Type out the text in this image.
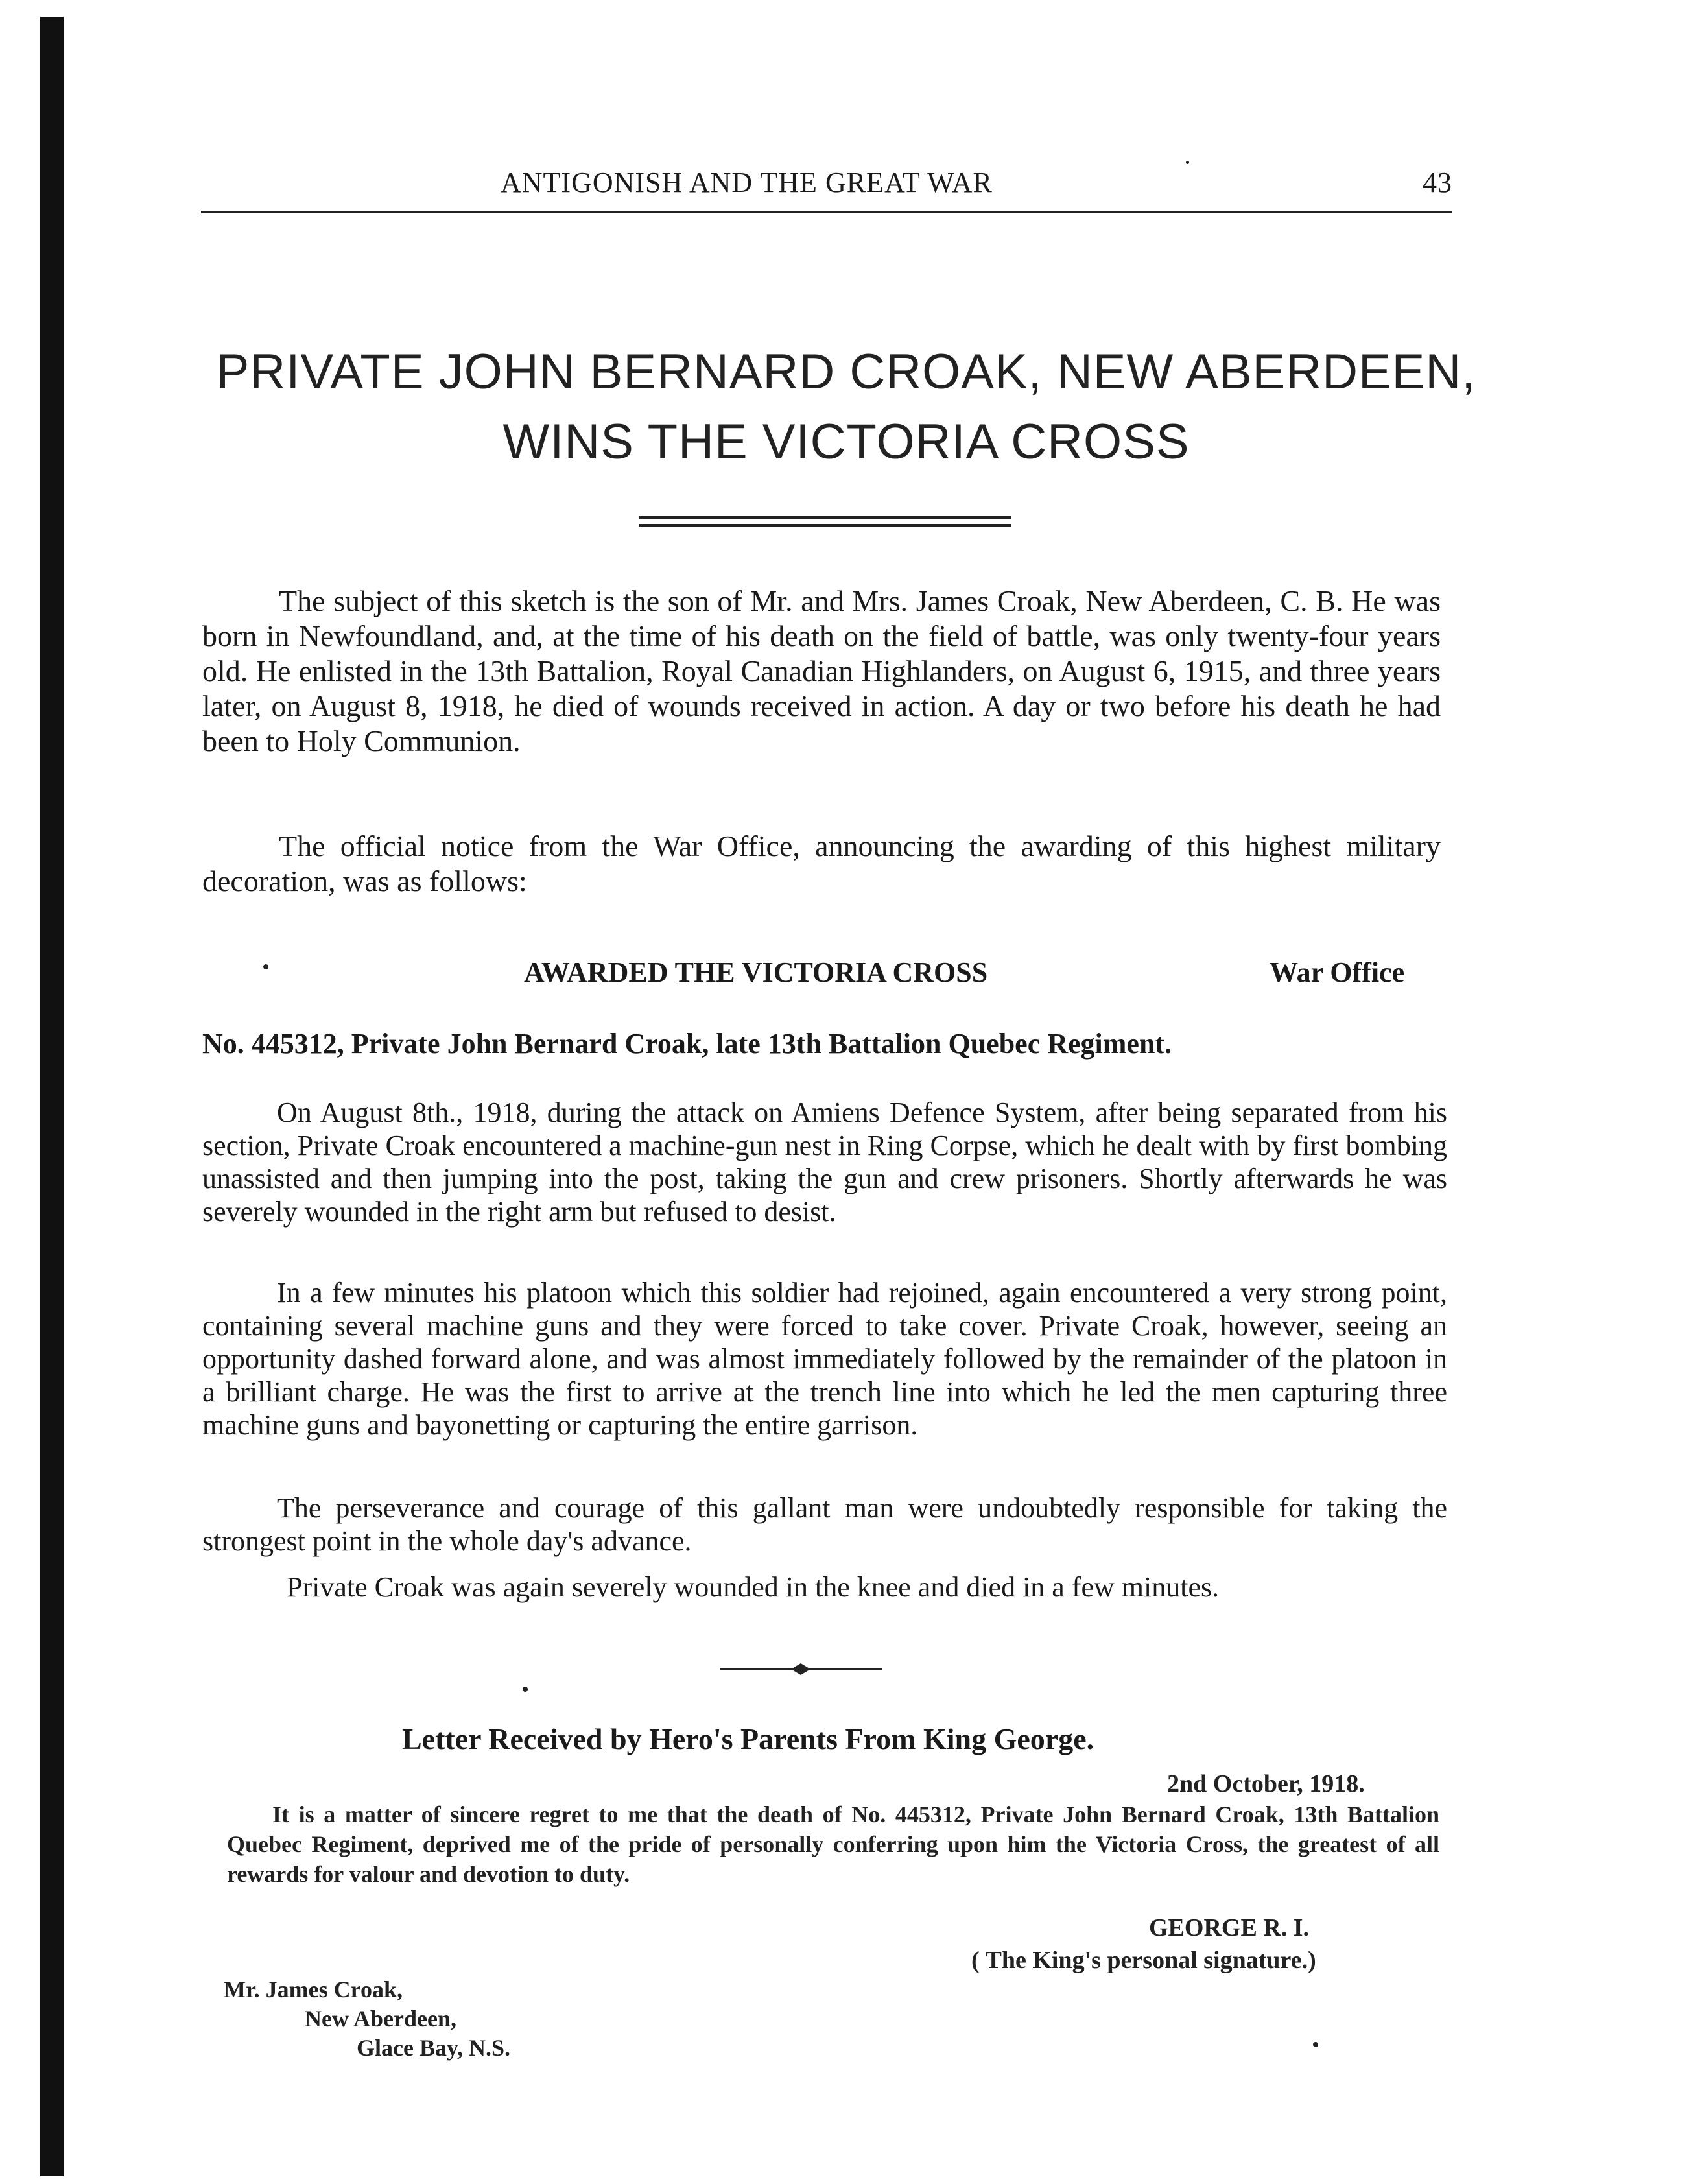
ANTIGONISH AND THE GREAT WAR	43
PRIVATE JOHN BERNARD CROAK, NEW ABERDEEN,
WINS THE VICTORIA CROSS
The subject of this sketch is the son of Mr. and Mrs. James Croak, New Aberdeen, C. B. He was born in Newfoundland, and, at the time of his death on the field of battle, was only twenty-four years old. He enlisted in the 13th Battalion, Royal Canadian Highlanders, on August 6, 1915, and three years later, on August 8, 1918, he died of wounds received in action. A day or two before his death he had been to Holy Communion.
The official notice from the War Office, announcing the awarding of this highest military decoration, was as follows:
AWARDED THE VICTORIA CROSS	War Office
No. 445312, Private John Bernard Croak, late 13th Battalion Quebec Regiment.
On August 8th., 1918, during the attack on Amiens Defence System, after being separated from his section, Private Croak encountered a machine-gun nest in Ring Corpse, which he dealt with by first bombing unassisted and then jumping into the post, taking the gun and crew prisoners. Shortly afterwards he was severely wounded in the right arm but refused to desist.
In a few minutes his platoon which this soldier had rejoined, again encountered a very strong point, containing several machine guns and they were forced to take cover. Private Croak, however, seeing an opportunity dashed forward alone, and was almost immediately followed by the remainder of the platoon in a brilliant charge. He was the first to arrive at the trench line into which he led the men capturing three machine guns and bayonetting or capturing the entire garrison.
The perseverance and courage of this gallant man were undoubtedly responsible for taking the strongest point in the whole day's advance.
Private Croak was again severely wounded in the knee and died in a few minutes.
Letter Received by Hero's Parents From King George.
2nd October, 1918.
It is a matter of sincere regret to me that the death of No. 445312, Private John Bernard Croak, 13th Battalion Quebec Regiment, deprived me of the pride of personally conferring upon him the Victoria Cross, the greatest of all rewards for valour and devotion to duty.
GEORGE R. I.
( The King's personal signature.)
Mr. James Croak,
New Aberdeen,
Glace Bay, N.S.
